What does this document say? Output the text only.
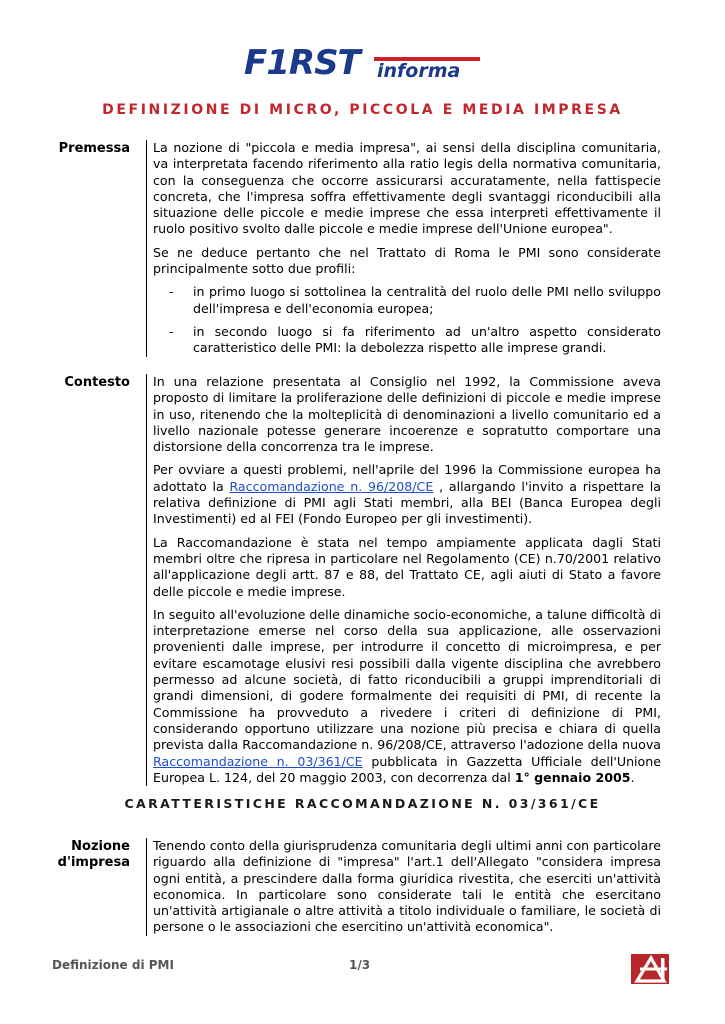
F1RST informa
DEFINIZIONE DI MICRO, PICCOLA E MEDIA IMPRESA
Premessa La nozione di "piccola e media impresa", ai sensi della disciplina comunitaria, va interpretata facendo riferimento alla ratio legis della normativa comunitaria, con la conseguenza che occorre assicurarsi accuratamente, nella fattispecie concreta, che l'impresa soffra effettivamente degli svantaggi riconducibili alla situazione delle piccole e medie imprese che essa interpreti effettivamente il ruolo positivo svolto dalle piccole e medie imprese dell'Unione europea".

Se ne deduce pertanto che nel Trattato di Roma le PMI sono considerate principalmente sotto due profili:

- in primo luogo si sottolinea la centralità del ruolo delle PMI nello sviluppo dell'impresa e dell'economia europea;
- in secondo luogo si fa riferimento ad un'altro aspetto considerato caratteristico delle PMI: la debolezza rispetto alle imprese grandi.
Contesto In una relazione presentata al Consiglio nel 1992, la Commissione aveva proposto di limitare la proliferazione delle definizioni di piccole e medie imprese in uso, ritenendo che la molteplicità di denominazioni a livello comunitario ed a livello nazionale potesse generare incoerenze e sopratutto comportare una distorsione della concorrenza tra le imprese.

Per ovviare a questi problemi, nell'aprile del 1996 la Commissione europea ha adottato la Raccomandazione n. 96/208/CE , allargando l'invito a rispettare la relativa definizione di PMI agli Stati membri, alla BEI (Banca Europea degli Investimenti) ed al FEI (Fondo Europeo per gli investimenti).

La Raccomandazione è stata nel tempo ampiamente applicata dagli Stati membri oltre che ripresa in particolare nel Regolamento (CE) n.70/2001 relativo all'applicazione degli artt. 87 e 88, del Trattato CE, agli aiuti di Stato a favore delle piccole e medie imprese.

In seguito all'evoluzione delle dinamiche socio-economiche, a talune difficoltà di interpretazione emerse nel corso della sua applicazione, alle osservazioni provenienti dalle imprese, per introdurre il concetto di microimpresa, e per evitare escamotage elusivi resi possibili dalla vigente disciplina che avrebbero permesso ad alcune società, di fatto riconducibili a gruppi imprenditoriali di grandi dimensioni, di godere formalmente dei requisiti di PMI, di recente la Commissione ha provveduto a rivedere i criteri di definizione di PMI, considerando opportuno utilizzare una nozione più precisa e chiara di quella prevista dalla Raccomandazione n. 96/208/CE, attraverso l'adozione della nuova Raccomandazione n. 03/361/CE pubblicata in Gazzetta Ufficiale dell'Unione Europea L. 124, del 20 maggio 2003, con decorrenza dal 1° gennaio 2005.

CARATTERISTICHE RACCOMANDAZIONE N. 03/361/CE
Nozione
d'impresa

Tenendo conto della giurisprudenza comunitaria degli ultimi anni con particolare riguardo alla definizione di "impresa" l'art.1 dell'Allegato "considera impresa ogni entità, a prescindere dalla forma giuridica rivestita, che eserciti un'attività economica. In particolare sono considerate tali le entità che esercitano un'attività artigianale o altre attività a titolo individuale o familiare, le società di persone o le associazioni che esercitino un'attività economica".

Definizione di PMI	1/3
